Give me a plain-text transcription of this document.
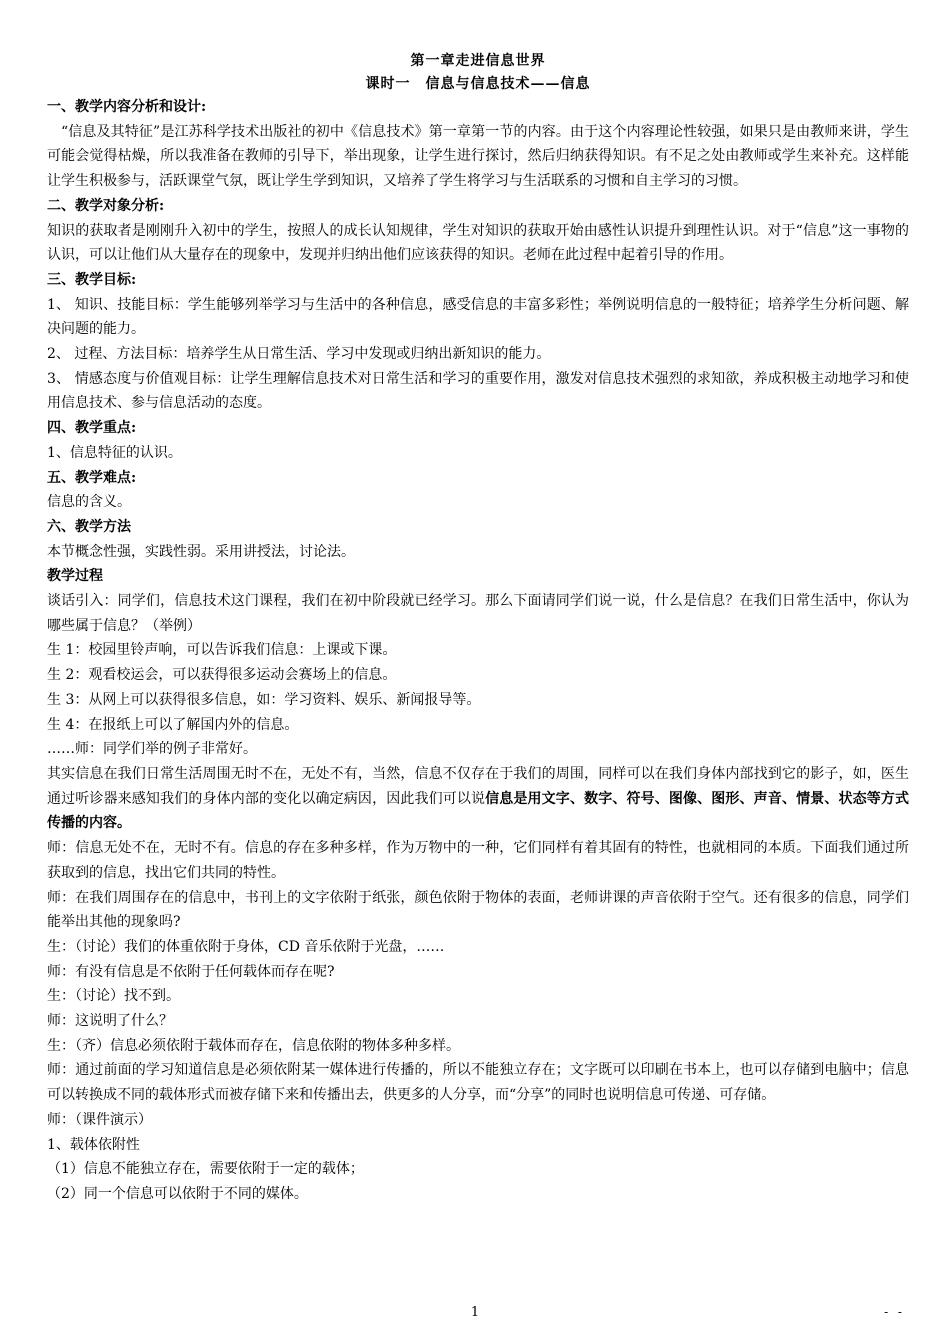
第一章走进信息世界
课时一　信息与信息技术——信息
一、教学内容分析和设计:

“信息及其特征”是江苏科学技术出版社的初中《信息技术》第一章第一节的内容。由于这个内容理论性较强，如果只是由教师来讲，学生可能会觉得枯燥，所以我准备在教师的引导下，举出现象，让学生进行探讨，然后归纳获得知识。有不足之处由教师或学生来补充。这样能让学生积极参与，活跃课堂气氛，既让学生学到知识，又培养了学生将学习与生活联系的习惯和自主学习的习惯。

二、教学对象分析:

知识的获取者是刚刚升入初中的学生，按照人的成长认知规律，学生对知识的获取开始由感性认识提升到理性认识。对于“信息”这一事物的认识，可以让他们从大量存在的现象中，发现并归纳出他们应该获得的知识。老师在此过程中起着引导的作用。

三、教学目标:

1、 知识、技能目标：学生能够列举学习与生活中的各种信息，感受信息的丰富多彩性；举例说明信息的一般特征；培养学生分析问题、解决问题的能力。

2、 过程、方法目标：培养学生从日常生活、学习中发现或归纳出新知识的能力。

3、 情感态度与价值观目标：让学生理解信息技术对日常生活和学习的重要作用，激发对信息技术强烈的求知欲，养成积极主动地学习和使用信息技术、参与信息活动的态度。

四、教学重点:

1、信息特征的认识。

五、教学难点:

信息的含义。

六、教学方法

本节概念性强，实践性弱。采用讲授法，讨论法。

教学过程

谈话引入：同学们，信息技术这门课程，我们在初中阶段就已经学习。那么下面请同学们说一说，什么是信息？在我们日常生活中，你认为哪些属于信息？（举例）

生 1：校园里铃声响，可以告诉我们信息：上课或下课。

生 2：观看校运会，可以获得很多运动会赛场上的信息。

生 3：从网上可以获得很多信息，如：学习资料、娱乐、新闻报导等。

生 4：在报纸上可以了解国内外的信息。

……师：同学们举的例子非常好。

其实信息在我们日常生活周围无时不在，无处不有，当然，信息不仅存在于我们的周围，同样可以在我们身体内部找到它的影子，如，医生通过听诊器来感知我们的身体内部的变化以确定病因，因此我们可以说信息是用文字、数字、符号、图像、图形、声音、情景、状态等方式传播的内容。

师：信息无处不在，无时不有。信息的存在多种多样，作为万物中的一种，它们同样有着其固有的特性，也就相同的本质。下面我们通过所获取到的信息，找出它们共同的特性。

师：在我们周围存在的信息中，书刊上的文字依附于纸张，颜色依附于物体的表面，老师讲课的声音依附于空气。还有很多的信息，同学们能举出其他的现象吗?

生：（讨论）我们的体重依附于身体，CD 音乐依附于光盘，……

师：有没有信息是不依附于任何载体而存在呢?

生：（讨论）找不到。

师：这说明了什么？

生：（齐）信息必须依附于载体而存在，信息依附的物体多种多样。

师：通过前面的学习知道信息是必须依附某一媒体进行传播的，所以不能独立存在；文字既可以印刷在书本上，也可以存储到电脑中；信息可以转换成不同的载体形式而被存储下来和传播出去，供更多的人分享，而“分享”的同时也说明信息可传递、可存储。

师：（课件演示）

1、载体依附性

（1）信息不能独立存在，需要依附于一定的载体；

（2）同一个信息可以依附于不同的媒体。

1	- -
